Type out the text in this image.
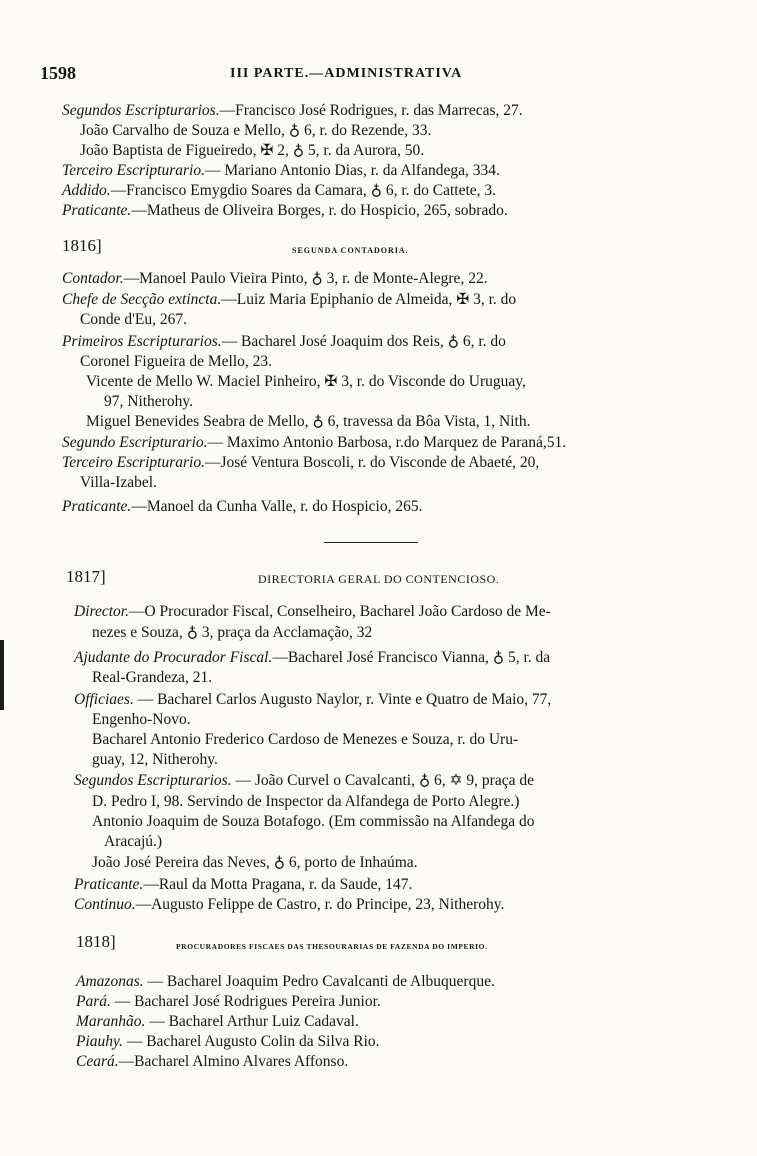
1598	III PARTE.—ADMINISTRATIVA
Segundos Escripturarios.—Francisco José Rodrigues, r. das Marrecas, 27.
João Carvalho de Souza e Mello, ♁ 6, r. do Rezende, 33.
João Baptista de Figueiredo, ✠ 2, ♁ 5, r. da Aurora, 50.
Terceiro Escripturario.— Mariano Antonio Dias, r. da Alfandega, 334.
Addido.—Francisco Emygdio Soares da Camara, ♁ 6, r. do Cattete, 3.
Praticante.—Matheus de Oliveira Borges, r. do Hospicio, 265, sobrado.
1816]	SEGUNDA CONTADORIA.
Contador.—Manoel Paulo Vieira Pinto, ♁ 3, r. de Monte-Alegre, 22.
Chefe de Secção extincta.—Luiz Maria Epiphanio de Almeida, ✠ 3, r. do
Conde d'Eu, 267.
Primeiros Escripturarios.— Bacharel José Joaquim dos Reis, ♁ 6, r. do
Coronel Figueira de Mello, 23.
Vicente de Mello W. Maciel Pinheiro, ✠ 3, r. do Visconde do Uruguay,
97, Nitherohy.
Miguel Benevides Seabra de Mello, ♁ 6, travessa da Bôa Vista, 1, Nith.
Segundo Escripturario.— Maximo Antonio Barbosa, r.do Marquez de Paraná,51.
Terceiro Escripturario.—José Ventura Boscoli, r. do Visconde de Abaeté, 20,
Villa-Izabel.
Praticante.—Manoel da Cunha Valle, r. do Hospicio, 265.
1817]	DIRECTORIA GERAL DO CONTENCIOSO.
Director.—O Procurador Fiscal, Conselheiro, Bacharel João Cardoso de Me-
nezes e Souza, ♁ 3, praça da Acclamação, 32
Ajudante do Procurador Fiscal.—Bacharel José Francisco Vianna, ♁ 5, r. da
Real-Grandeza, 21.
Officiaes. — Bacharel Carlos Augusto Naylor, r. Vinte e Quatro de Maio, 77,
Engenho-Novo.
Bacharel Antonio Frederico Cardoso de Menezes e Souza, r. do Uru-
guay, 12, Nitherohy.
Segundos Escripturarios. — João Curvel o Cavalcanti, ♁ 6, ✡ 9, praça de
D. Pedro I, 98. Servindo de Inspector da Alfandega de Porto Alegre.)
Antonio Joaquim de Souza Botafogo. (Em commissão na Alfandega do
Aracajú.)
João José Pereira das Neves, ♁ 6, porto de Inhaúma.
Praticante.—Raul da Motta Pragana, r. da Saude, 147.
Continuo.—Augusto Felippe de Castro, r. do Principe, 23, Nitherohy.
1818]	PROCURADORES FISCAES DAS THESOURARIAS DE FAZENDA DO IMPERIO.
Amazonas. — Bacharel Joaquim Pedro Cavalcanti de Albuquerque.
Pará. — Bacharel José Rodrigues Pereira Junior.
Maranhão. — Bacharel Arthur Luiz Cadaval.
Piauhy. — Bacharel Augusto Colin da Silva Rio.
Ceará.—Bacharel Almino Alvares Affonso.
